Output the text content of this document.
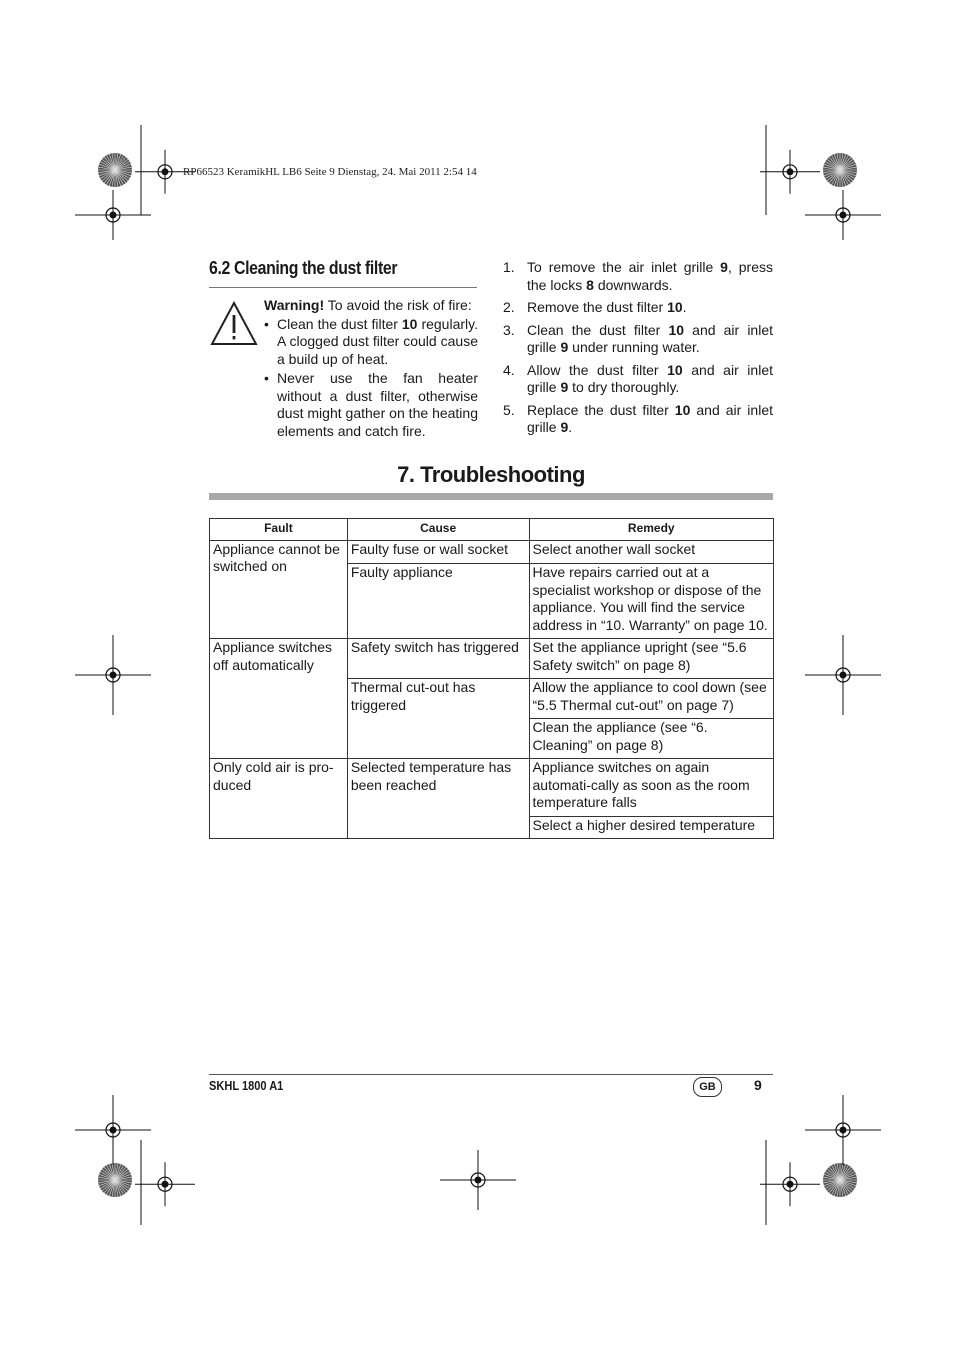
RP66523 KeramikHL LB6 Seite 9 Dienstag, 24. Mai 2011 2:54 14
6.2 Cleaning the dust filter
Warning! To avoid the risk of fire:
• Clean the dust filter 10 regularly. A clogged dust filter could cause a build up of heat.
• Never use the fan heater without a dust filter, otherwise dust might gather on the heating elements and catch fire.
1. To remove the air inlet grille 9, press the locks 8 downwards.
2. Remove the dust filter 10.
3. Clean the dust filter 10 and air inlet grille 9 under running water.
4. Allow the dust filter 10 and air inlet grille 9 to dry thoroughly.
5. Replace the dust filter 10 and air inlet grille 9.
7. Troubleshooting
Fault	Cause	Remedy
Appliance cannot be switched on	Faulty fuse or wall socket	Select another wall socket
	Faulty appliance	Have repairs carried out at a specialist workshop or dispose of the appliance. You will find the service address in “10. Warranty” on page 10.
Appliance switches off automatically	Safety switch has triggered	Set the appliance upright (see “5.6 Safety switch” on page 8)
	Thermal cut-out has triggered	Allow the appliance to cool down (see “5.5 Thermal cut-out” on page 7)
		Clean the appliance (see “6. Cleaning” on page 8)
Only cold air is pro-duced	Selected temperature has been reached	Appliance switches on again automati-cally as soon as the room temperature falls
		Select a higher desired temperature
SKHL 1800 A1	GB	9
